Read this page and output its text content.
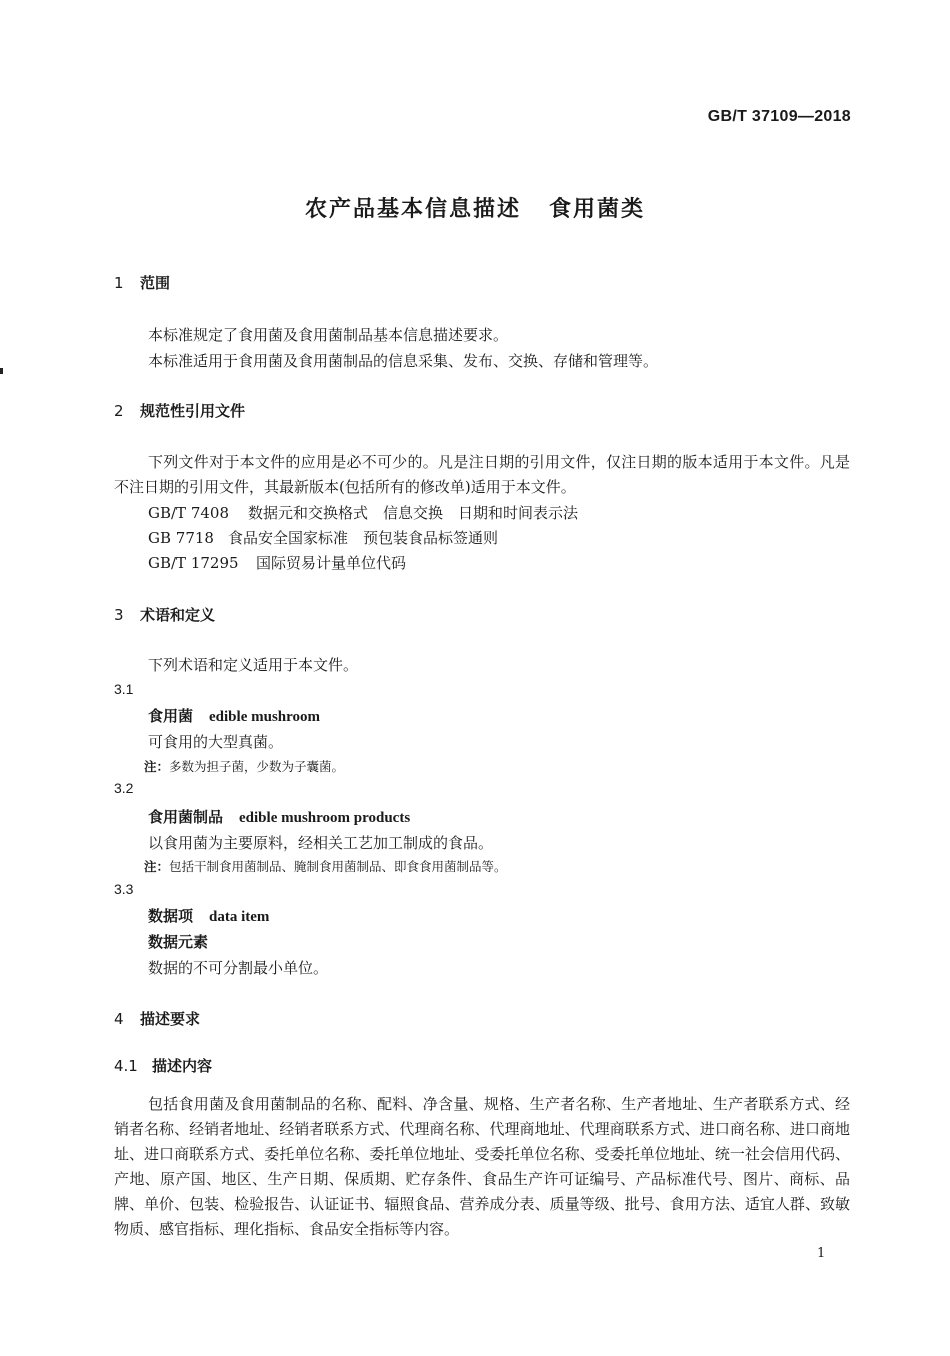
GB/T 37109—2018
农产品基本信息描述 食用菌类
1 范围
本标准规定了食用菌及食用菌制品基本信息描述要求。
本标准适用于食用菌及食用菌制品的信息采集、发布、交换、存储和管理等。
2 规范性引用文件
下列文件对于本文件的应用是必不可少的。凡是注日期的引用文件，仅注日期的版本适用于本文件。凡是不注日期的引用文件，其最新版本(包括所有的修改单)适用于本文件。
GB/T 7408 数据元和交换格式　信息交换　日期和时间表示法
GB 7718 食品安全国家标准　预包装食品标签通则
GB/T 17295 国际贸易计量单位代码
3 术语和定义
下列术语和定义适用于本文件。
3.1
食用菌 edible mushroom
可食用的大型真菌。
注：多数为担子菌，少数为子囊菌。
3.2
食用菌制品 edible mushroom products
以食用菌为主要原料，经相关工艺加工制成的食品。
注：包括干制食用菌制品、腌制食用菌制品、即食食用菌制品等。
3.3
数据项 data item
数据元素
数据的不可分割最小单位。
4 描述要求
4.1 描述内容
包括食用菌及食用菌制品的名称、配料、净含量、规格、生产者名称、生产者地址、生产者联系方式、经销者名称、经销者地址、经销者联系方式、代理商名称、代理商地址、代理商联系方式、进口商名称、进口商地址、进口商联系方式、委托单位名称、委托单位地址、受委托单位名称、受委托单位地址、统一社会信用代码、产地、原产国、地区、生产日期、保质期、贮存条件、食品生产许可证编号、产品标准代号、图片、商标、品牌、单价、包装、检验报告、认证证书、辐照食品、营养成分表、质量等级、批号、食用方法、适宜人群、致敏物质、感官指标、理化指标、食品安全指标等内容。
1
